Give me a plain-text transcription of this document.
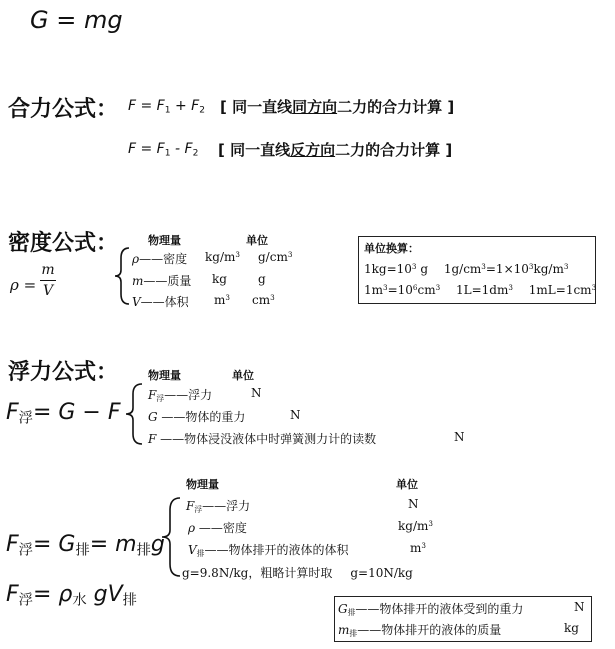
G = mg
合力公式： $F = F_1 + F_2$ [ 同一直线同方向二力的合力计算 ]
$F = F_1 - F_2$ [ 同一直线反方向二力的合力计算 ]
密度公式：
ρ =
m
V
物理量	单位
ρ——密度 $kg/m^3$ $g/cm^3$
m——质量 kg	g
V——体积 $m^3$ $cm^3$
单位换算：
$1kg=10^3$ g $1g/cm^3=1\times 10^3kg/m^3$
$1m^3=10^6cm^3$ $1L=1dm^3$ $1mL=1cm^3$
浮力公式：	物理量	单位
$F_浮= G - F$
$F_浮——$浮力	N
G ——物体的重力	N
F ——物体浸没液体中时弹簧测力计的读数	N
物理量	单位
$F_浮= G_排= m_排g$
$F_浮——$浮力	N
ρ ——密度	$kg/m^3$
$V_排——$物体排开的液体的体积	$m^3$
g=9.8N/kg，粗略计算时取 g=10N/kg
$F_浮= \rho_水$ $gV_排$
$G_排——$物体排开的液体受到的重力	N
$m_排——$物体排开的液体的质量	kg
